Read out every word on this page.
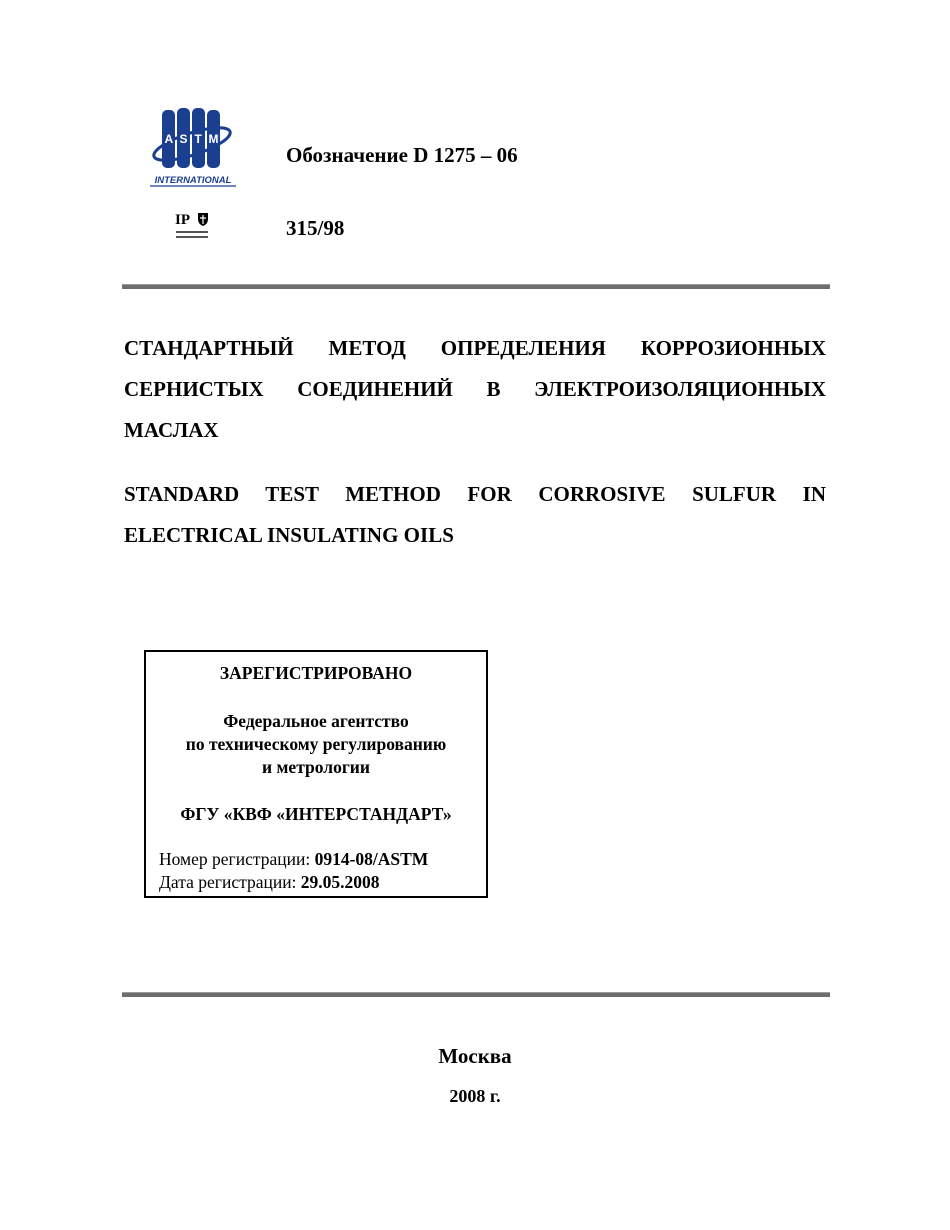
A S T M
INTERNATIONAL
IP
Обозначение D 1275 – 06
315/98
СТАНДАРТНЫЙ МЕТОД ОПРЕДЕЛЕНИЯ КОРРОЗИОННЫХ
СЕРНИСТЫХ СОЕДИНЕНИЙ В ЭЛЕКТРОИЗОЛЯЦИОННЫХ
МАСЛАХ
STANDARD TEST METHOD FOR CORROSIVE SULFUR IN
ELECTRICAL INSULATING OILS
ЗАРЕГИСТРИРОВАНО
Федеральное агентство
по техническому регулированию
и метрологии
ФГУ «КВФ «ИНТЕРСТАНДАРТ»
Номер регистрации: 0914-08/ASTM
Дата регистрации: 29.05.2008
Москва
2008 г.
